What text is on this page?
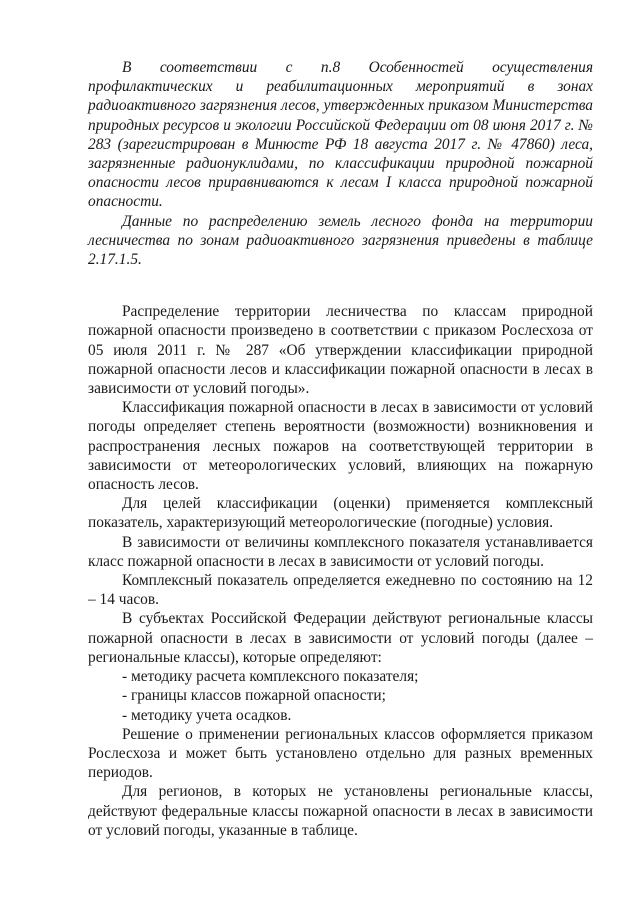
В соответствии с п.8 Особенностей осуществления профилактических и реабилитационных мероприятий в зонах радиоактивного загрязнения лесов, утвержденных приказом Министерства природных ресурсов и экологии Российской Федерации от 08 июня 2017 г. № 283 (зарегистрирован в Минюсте РФ 18 августа 2017 г. № 47860) леса, загрязненные радионуклидами, по классификации природной пожарной опасности лесов приравниваются к лесам I класса природной пожарной опасности.

Данные по распределению земель лесного фонда на территории лесничества по зонам радиоактивного загрязнения приведены в таблице 2.17.1.5.

Распределение территории лесничества по классам природной пожарной опасности произведено в соответствии с приказом Рослесхоза от 05 июля 2011 г. № 287 «Об утверждении классификации природной пожарной опасности лесов и классификации пожарной опасности в лесах в зависимости от условий погоды».

Классификация пожарной опасности в лесах в зависимости от условий погоды определяет степень вероятности (возможности) возникновения и распространения лесных пожаров на соответствующей территории в зависимости от метеорологических условий, влияющих на пожарную опасность лесов.

Для целей классификации (оценки) применяется комплексный показатель, характеризующий метеорологические (погодные) условия.

В зависимости от величины комплексного показателя устанавливается класс пожарной опасности в лесах в зависимости от условий погоды.

Комплексный показатель определяется ежедневно по состоянию на 12 – 14 часов.

В субъектах Российской Федерации действуют региональные классы пожарной опасности в лесах в зависимости от условий погоды (далее – региональные классы), которые определяют:

- методику расчета комплексного показателя;

- границы классов пожарной опасности;

- методику учета осадков.

Решение о применении региональных классов оформляется приказом Рослесхоза и может быть установлено отдельно для разных временных периодов.

Для регионов, в которых не установлены региональные классы, действуют федеральные классы пожарной опасности в лесах в зависимости от условий погоды, указанные в таблице.
